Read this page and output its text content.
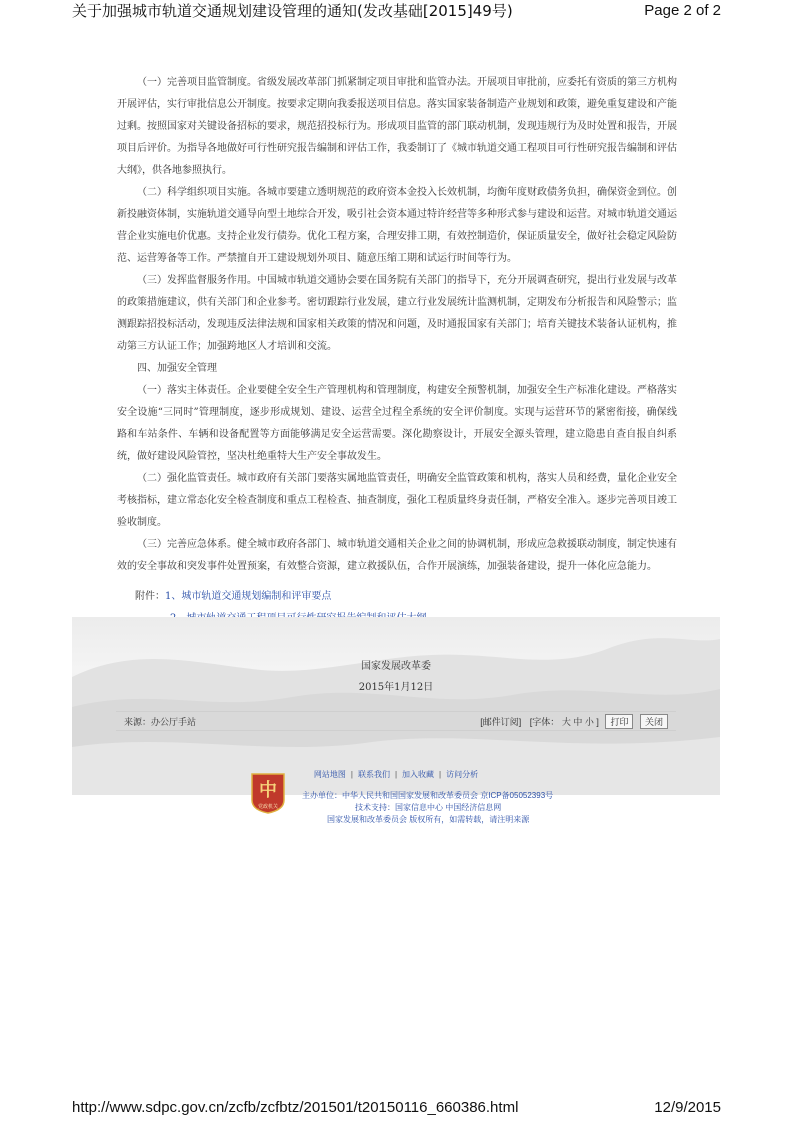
关于加强城市轨道交通规划建设管理的通知(发改基础[2015]49号)	Page 2 of 2

（一）完善项目监管制度。省级发展改革部门抓紧制定项目审批和监管办法。开展项目审批前，应委托有资质的第三方机构开展评估，实行审批信息公开制度。按要求定期向我委报送项目信息。落实国家装备制造产业规划和政策，避免重复建设和产能过剩。按照国家对关键设备招标的要求，规范招投标行为。形成项目监管的部门联动机制，发现违规行为及时处置和报告，开展项目后评价。为指导各地做好可行性研究报告编制和评估工作，我委制订了《城市轨道交通工程项目可行性研究报告编制和评估大纲》，供各地参照执行。

（二）科学组织项目实施。各城市要建立透明规范的政府资本金投入长效机制，均衡年度财政债务负担，确保资金到位。创新投融资体制，实施轨道交通导向型土地综合开发，吸引社会资本通过特许经营等多种形式参与建设和运营。对城市轨道交通运营企业实施电价优惠。支持企业发行债券。优化工程方案，合理安排工期，有效控制造价，保证质量安全，做好社会稳定风险防范、运营筹备等工作。严禁擅自开工建设规划外项目、随意压缩工期和试运行时间等行为。

（三）发挥监督服务作用。中国城市轨道交通协会要在国务院有关部门的指导下，充分开展调查研究，提出行业发展与改革的政策措施建议，供有关部门和企业参考。密切跟踪行业发展，建立行业发展统计监测机制，定期发布分析报告和风险警示；监测跟踪招投标活动，发现违反法律法规和国家相关政策的情况和问题，及时通报国家有关部门；培育关键技术装备认证机构，推动第三方认证工作；加强跨地区人才培训和交流。

四、加强安全管理

（一）落实主体责任。企业要健全安全生产管理机构和管理制度，构建安全预警机制，加强安全生产标准化建设。严格落实安全设施“三同时”管理制度，逐步形成规划、建设、运营全过程全系统的安全评价制度。实现与运营环节的紧密衔接，确保线路和车站条件、车辆和设备配置等方面能够满足安全运营需要。深化勘察设计，开展安全源头管理，建立隐患自查自报自纠系统，做好建设风险管控，坚决杜绝重特大生产安全事故发生。

（二）强化监管责任。城市政府有关部门要落实属地监管责任，明确安全监管政策和机构，落实人员和经费，量化企业安全考核指标，建立常态化安全检查制度和重点工程检查、抽查制度，强化工程质量终身责任制，严格安全准入。逐步完善项目竣工验收制度。

（三）完善应急体系。健全城市政府各部门、城市轨道交通相关企业之间的协调机制，形成应急救援联动制度，制定快速有效的安全事故和突发事件处置预案，有效整合资源，建立救援队伍，合作开展演练，加强装备建设，提升一体化应急能力。

附件：1、城市轨道交通规划编制和评审要点
国家发展改革委
2015年1月12日
来源：办公厅手站	[邮件订阅] [字体： 大 中 小 ] 打印 关闭
网站地图 | 联系我们 | 加入收藏 | 访问分析
中
党政机关
主办单位：中华人民共和国国家发展和改革委员会 京ICP备05052393号
技术支持：国家信息中心 中国经济信息网
国家发展和改革委员会 版权所有，如需转载，请注明来源
http://www.sdpc.gov.cn/zcfb/zcfbtz/201501/t20150116_660386.html	12/9/2015
